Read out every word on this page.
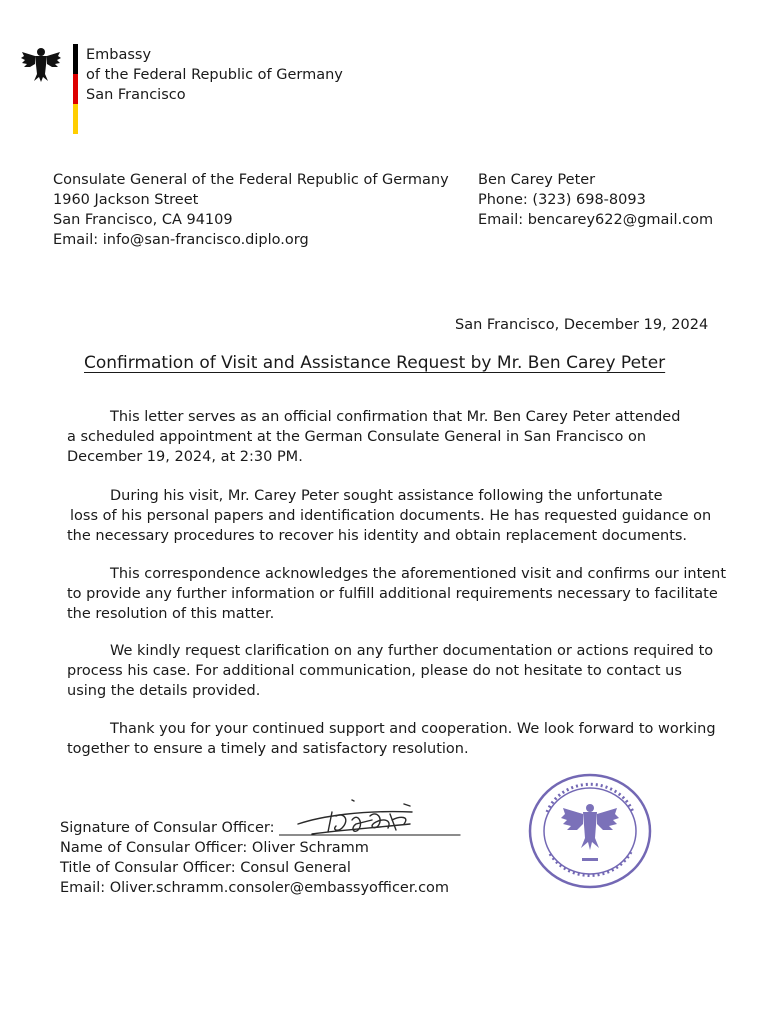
Embassy
of the Federal Republic of Germany
San Francisco
Consulate General of the Federal Republic of Germany
1960 Jackson Street
San Francisco, CA 94109
Email: info@san-francisco.diplo.org
Ben Carey Peter
Phone: (323) 698-8093
Email: bencarey622@gmail.com
San Francisco, December 19, 2024
Confirmation of Visit and Assistance Request by Mr. Ben Carey Peter
This letter serves as an official confirmation that Mr. Ben Carey Peter attended
a scheduled appointment at the German Consulate General in San Francisco on
December 19, 2024, at 2:30 PM.
During his visit, Mr. Carey Peter sought assistance following the unfortunate
loss of his personal papers and identification documents. He has requested guidance on
the necessary procedures to recover his identity and obtain replacement documents.
This correspondence acknowledges the aforementioned visit and confirms our intent
to provide any further information or fulfill additional requirements necessary to facilitate
the resolution of this matter.
We kindly request clarification on any further documentation or actions required to
process his case. For additional communication, please do not hesitate to contact us
using the details provided.
Thank you for your continued support and cooperation. We look forward to working
together to ensure a timely and satisfactory resolution.
Signature of Consular Officer: _________________________
Name of Consular Officer: Oliver Schramm
Title of Consular Officer: Consul General
Email: Oliver.schramm.consoler@embassyofficer.com
